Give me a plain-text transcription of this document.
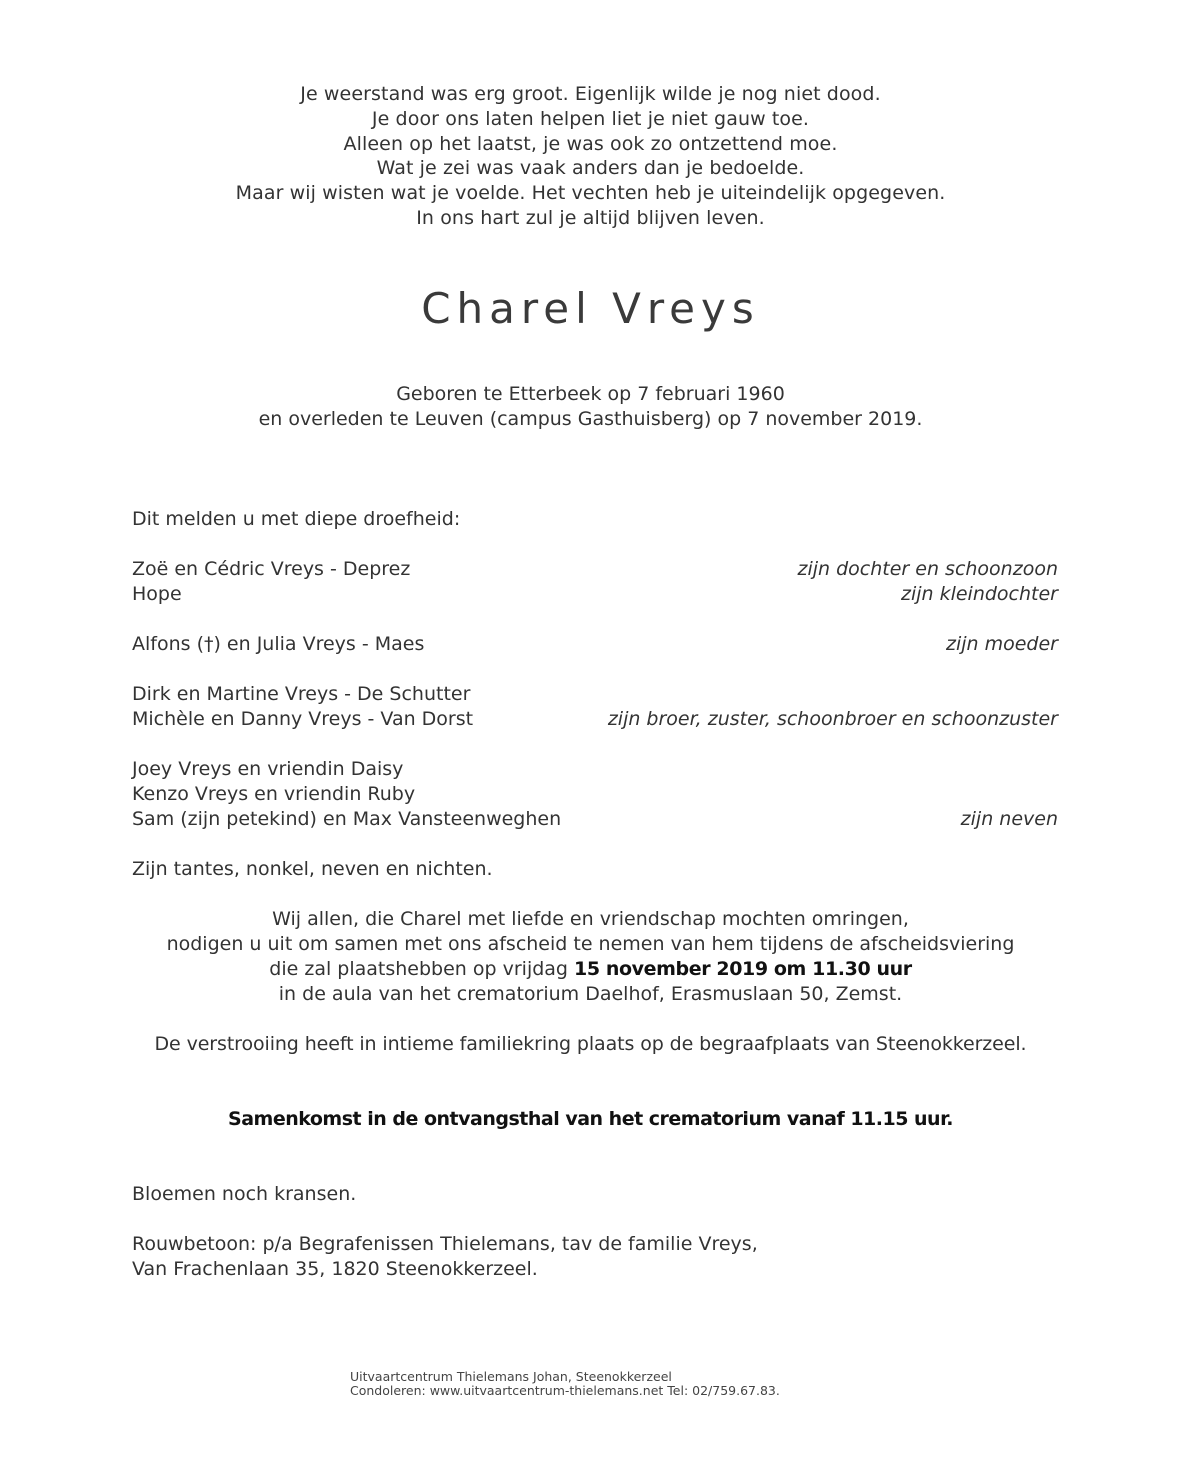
Je weerstand was erg groot. Eigenlijk wilde je nog niet dood.
Je door ons laten helpen liet je niet gauw toe.
Alleen op het laatst, je was ook zo ontzettend moe.
Wat je zei was vaak anders dan je bedoelde.
Maar wij wisten wat je voelde. Het vechten heb je uiteindelijk opgegeven.
In ons hart zul je altijd blijven leven.
Charel Vreys
Geboren te Etterbeek op 7 februari 1960
en overleden te Leuven (campus Gasthuisberg) op 7 november 2019.
Dit melden u met diepe droefheid:
Zoë en Cédric Vreys - Deprez	zijn dochter en schoonzoon
Hope	zijn kleindochter
Alfons (†) en Julia Vreys - Maes	zijn moeder
Dirk en Martine Vreys - De Schutter
Michèle en Danny Vreys - Van Dorst	zijn broer, zuster, schoonbroer en schoonzuster
Joey Vreys en vriendin Daisy
Kenzo Vreys en vriendin Ruby
Sam (zijn petekind) en Max Vansteenweghen	zijn neven
Zijn tantes, nonkel, neven en nichten.
Wij allen, die Charel met liefde en vriendschap mochten omringen,
nodigen u uit om samen met ons afscheid te nemen van hem tijdens de afscheidsviering
die zal plaatshebben op vrijdag 15 november 2019 om 11.30 uur
in de aula van het crematorium Daelhof, Erasmuslaan 50, Zemst.
De verstrooiing heeft in intieme familiekring plaats op de begraafplaats van Steenokkerzeel.
Samenkomst in de ontvangsthal van het crematorium vanaf 11.15 uur.
Bloemen noch kransen.
Rouwbetoon: p/a Begrafenissen Thielemans, tav de familie Vreys,
Van Frachenlaan 35, 1820 Steenokkerzeel.
Uitvaartcentrum Thielemans Johan, Steenokkerzeel
Condoleren: www.uitvaartcentrum-thielemans.net Tel: 02/759.67.83.
